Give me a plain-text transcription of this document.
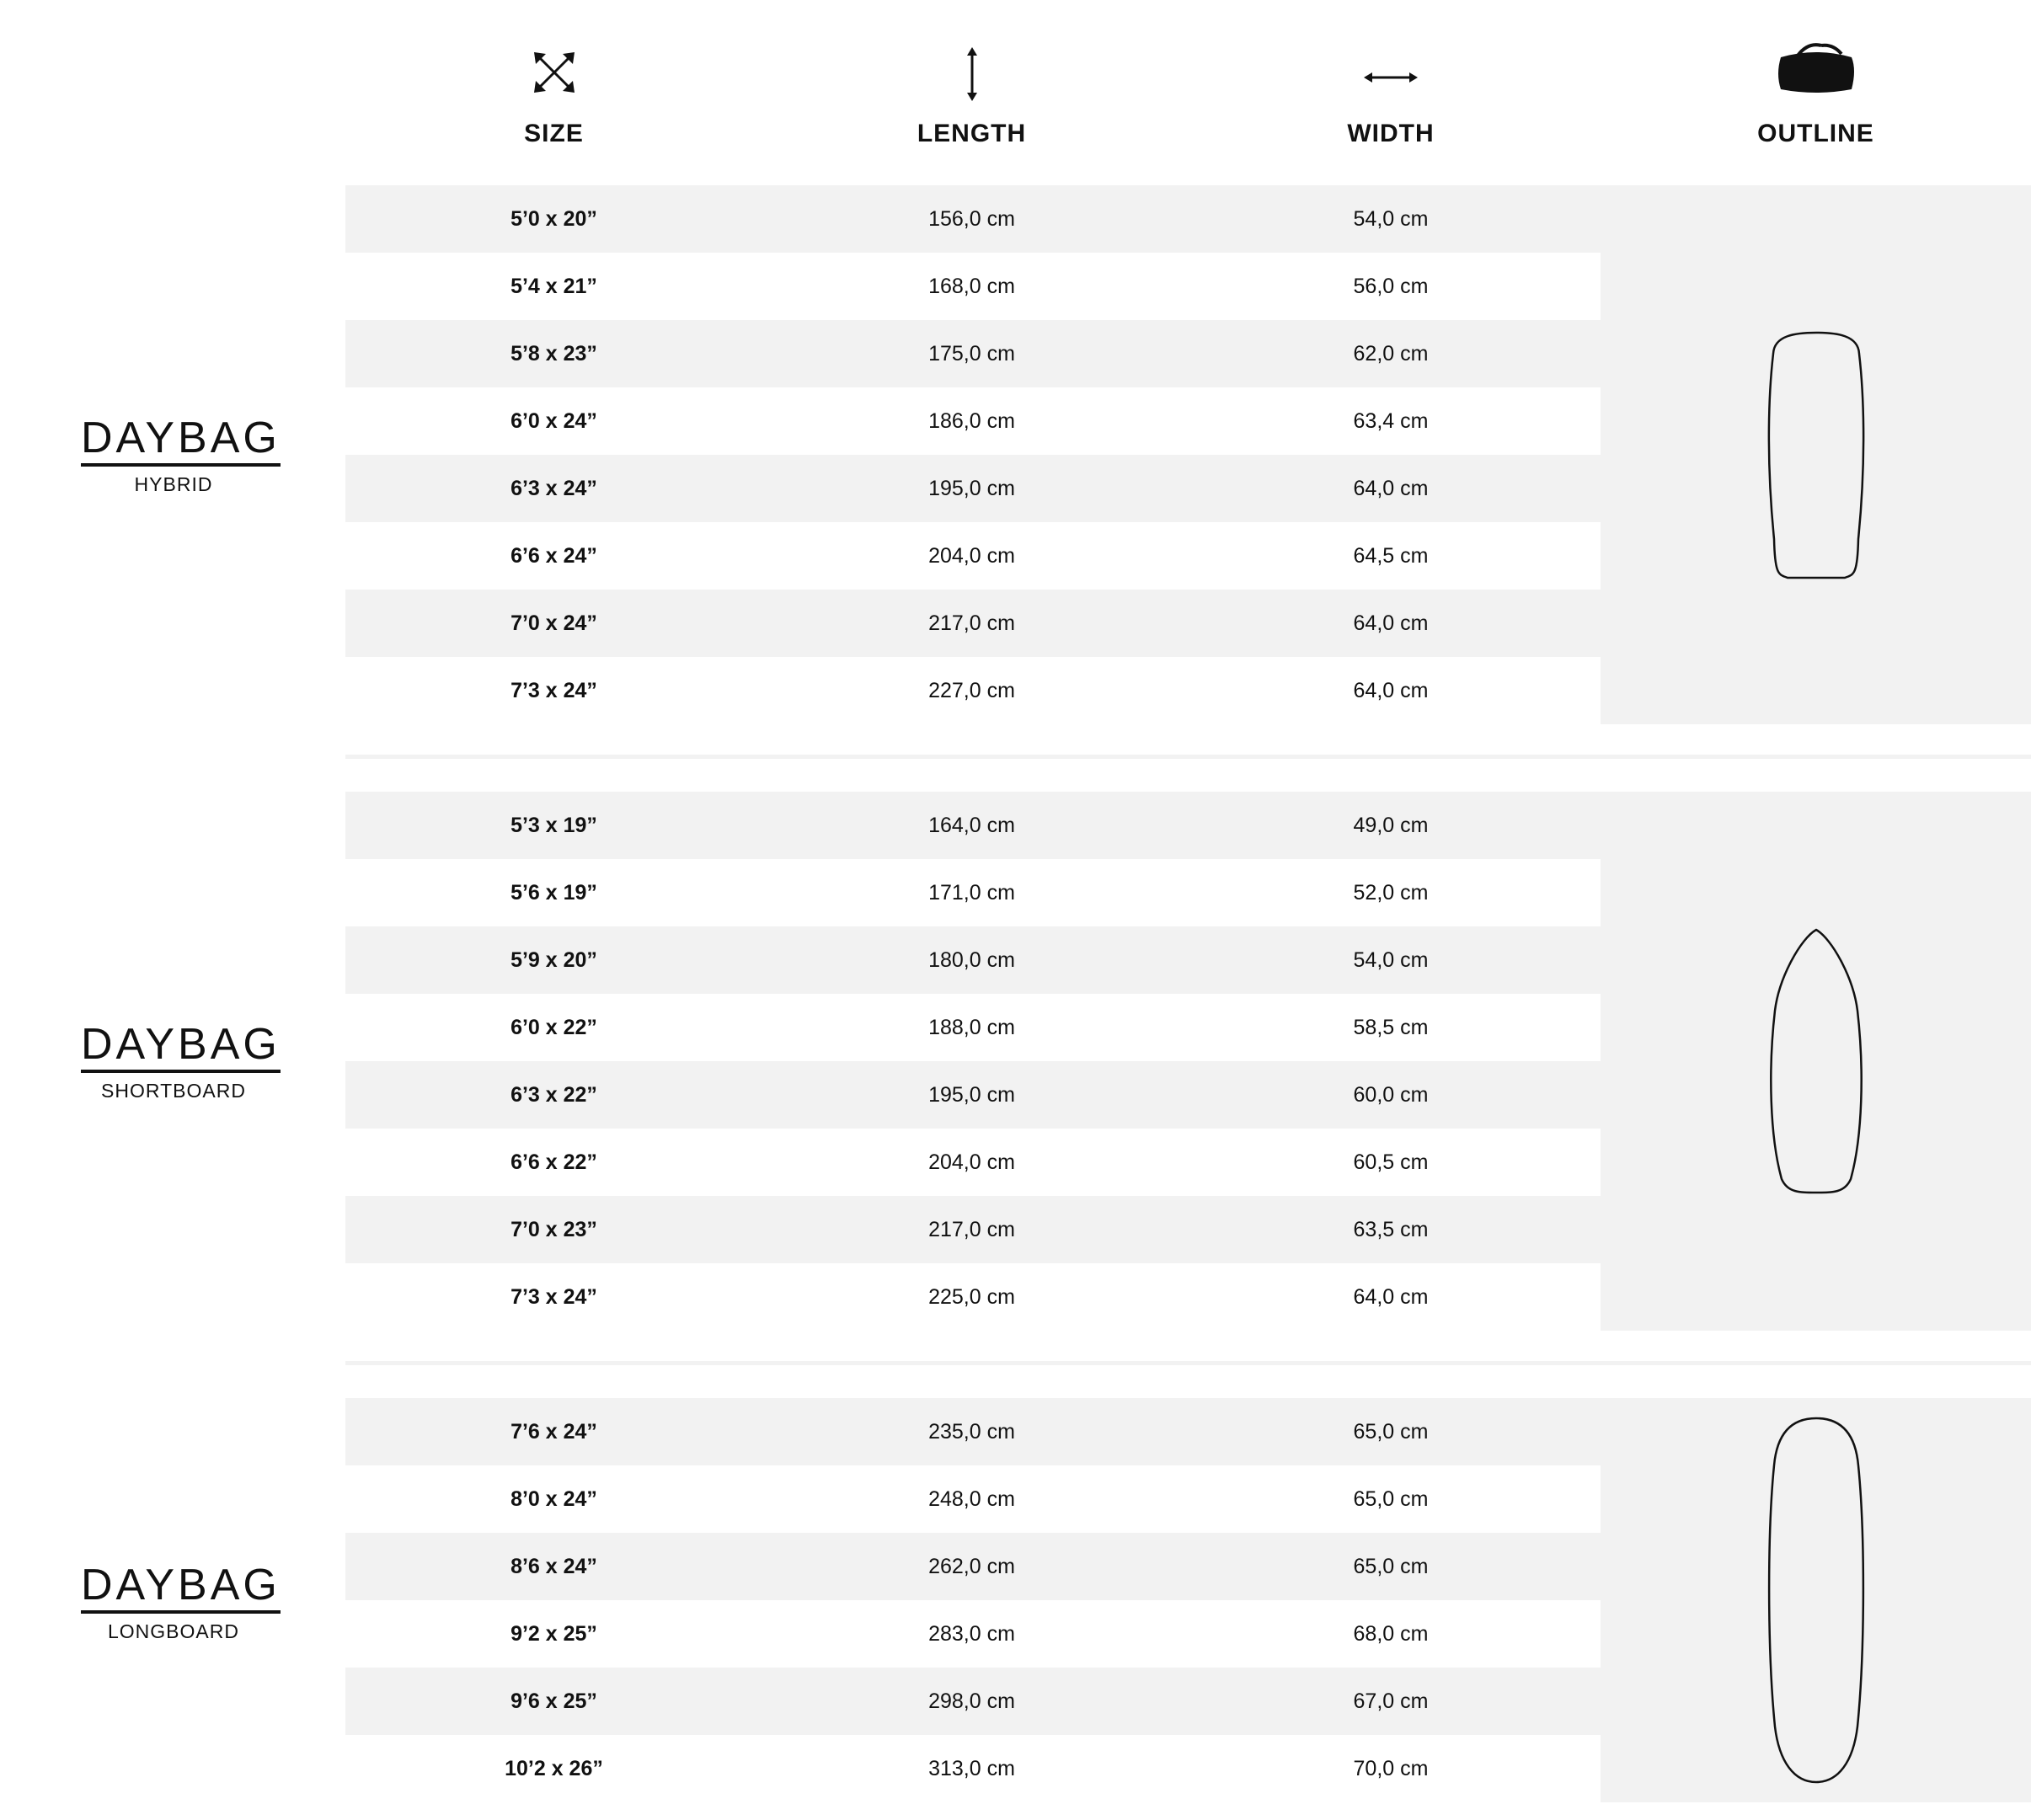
SIZE	LENGTH	WIDTH	OUTLINE
DAYBAG
HYBRID
5’0 x 20”	156,0 cm	54,0 cm
5’4 x 21”	168,0 cm	56,0 cm
5’8 x 23”	175,0 cm	62,0 cm
6’0 x 24”	186,0 cm	63,4 cm
6’3 x 24”	195,0 cm	64,0 cm
6’6 x 24”	204,0 cm	64,5 cm
7’0 x 24”	217,0 cm	64,0 cm
7’3 x 24”	227,0 cm	64,0 cm
DAYBAG
SHORTBOARD
5’3 x 19”	164,0 cm	49,0 cm
5’6 x 19”	171,0 cm	52,0 cm
5’9 x 20”	180,0 cm	54,0 cm
6’0 x 22”	188,0 cm	58,5 cm
6’3 x 22”	195,0 cm	60,0 cm
6’6 x 22”	204,0 cm	60,5 cm
7’0 x 23”	217,0 cm	63,5 cm
7’3 x 24”	225,0 cm	64,0 cm
DAYBAG
LONGBOARD
7’6 x 24”	235,0 cm	65,0 cm
8’0 x 24”	248,0 cm	65,0 cm
8’6 x 24”	262,0 cm	65,0 cm
9’2 x 25”	283,0 cm	68,0 cm
9’6 x 25”	298,0 cm	67,0 cm
10’2 x 26”	313,0 cm	70,0 cm
